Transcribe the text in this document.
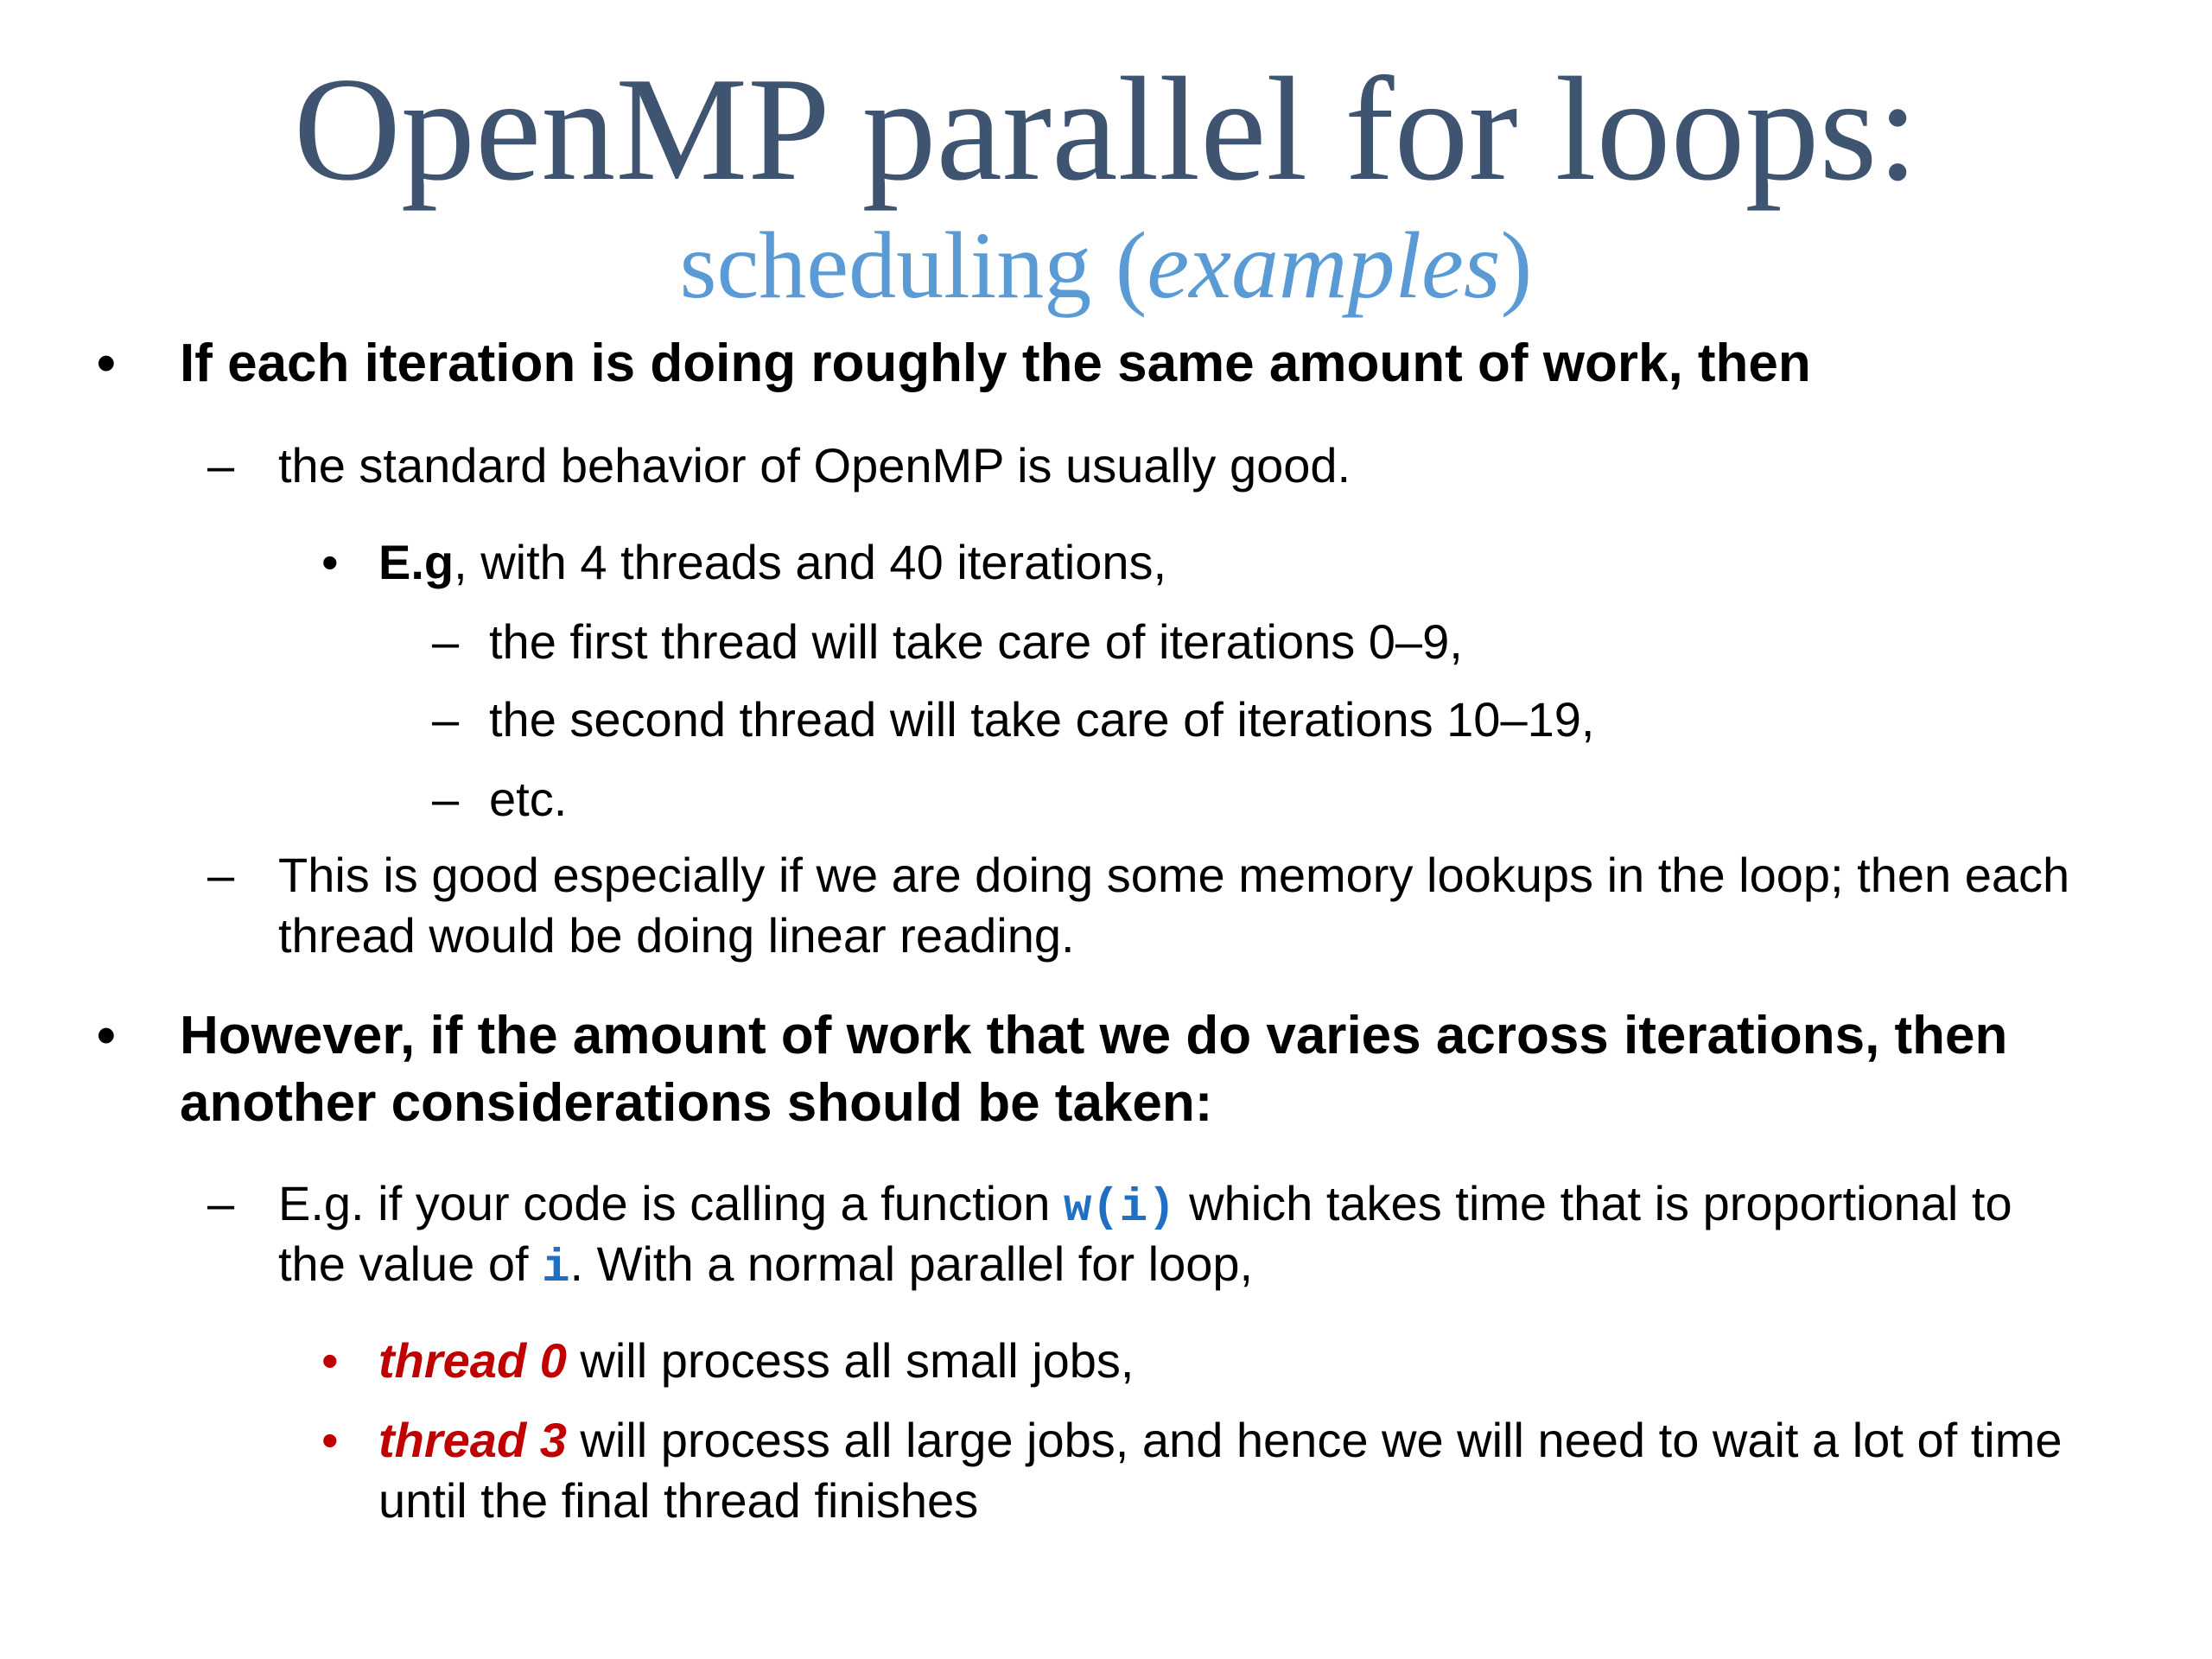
OpenMP parallel for loops:
scheduling (examples)
• If each iteration is doing roughly the same amount of work, then
– the standard behavior of OpenMP is usually good.
• E.g, with 4 threads and 40 iterations,
– the first thread will take care of iterations 0–9,
– the second thread will take care of iterations 10–19,
– etc.
– This is good especially if we are doing some memory lookups in the loop; then each
thread would be doing linear reading.
• However, if the amount of work that we do varies across iterations, then
another considerations should be taken:
– E.g. if your code is calling a function w(i) which takes time that is proportional to
the value of i. With a normal parallel for loop,
• thread 0 will process all small jobs,
• thread 3 will process all large jobs, and hence we will need to wait a lot of time
until the final thread finishes
